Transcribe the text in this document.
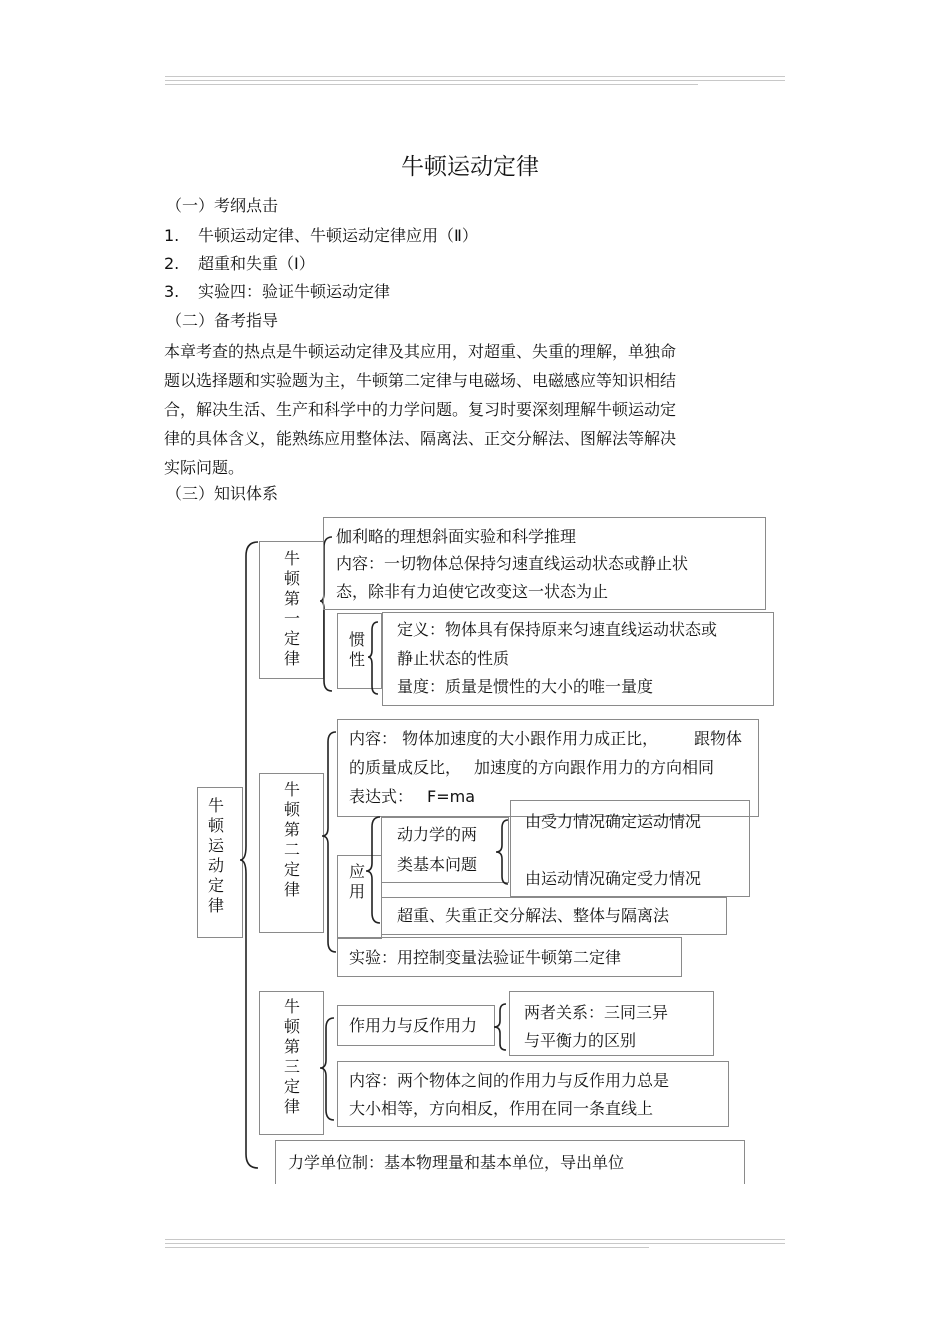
牛顿运动定律
（一）考纲点击
1. 牛顿运动定律、牛顿运动定律应用（Ⅱ）
2. 超重和失重（Ⅰ）
3. 实验四：验证牛顿运动定律
（二）备考指导
本章考查的热点是牛顿运动定律及其应用，对超重、失重的理解，单独命
题以选择题和实验题为主，牛顿第二定律与电磁场、电磁感应等知识相结
合，解决生活、生产和科学中的力学问题。复习时要深刻理解牛顿运动定
律的具体含义，能熟练应用整体法、隔离法、正交分解法、图解法等解决
实际问题。
（三）知识体系
牛顿运动定律
牛顿第一定律
伽利略的理想斜面实验和科学推理
内容：一切物体总保持匀速直线运动状态或静止状
态，除非有力迫使它改变这一状态为止
惯性
定义：物体具有保持原来匀速直线运动状态或
静止状态的性质
量度：质量是惯性的大小的唯一量度
牛顿第二定律
内容： 物体加速度的大小跟作用力成正比， 跟物体
的质量成反比， 加速度的方向跟作用力的方向相同
表达式： F=ma
应用
动力学的两
类基本问题
由受力情况确定运动情况
由运动情况确定受力情况
超重、失重正交分解法、整体与隔离法
实验：用控制变量法验证牛顿第二定律
牛顿第三定律
作用力与反作用力
两者关系：三同三异
与平衡力的区别
内容：两个物体之间的作用力与反作用力总是
大小相等，方向相反，作用在同一条直线上
力学单位制：基本物理量和基本单位，导出单位
